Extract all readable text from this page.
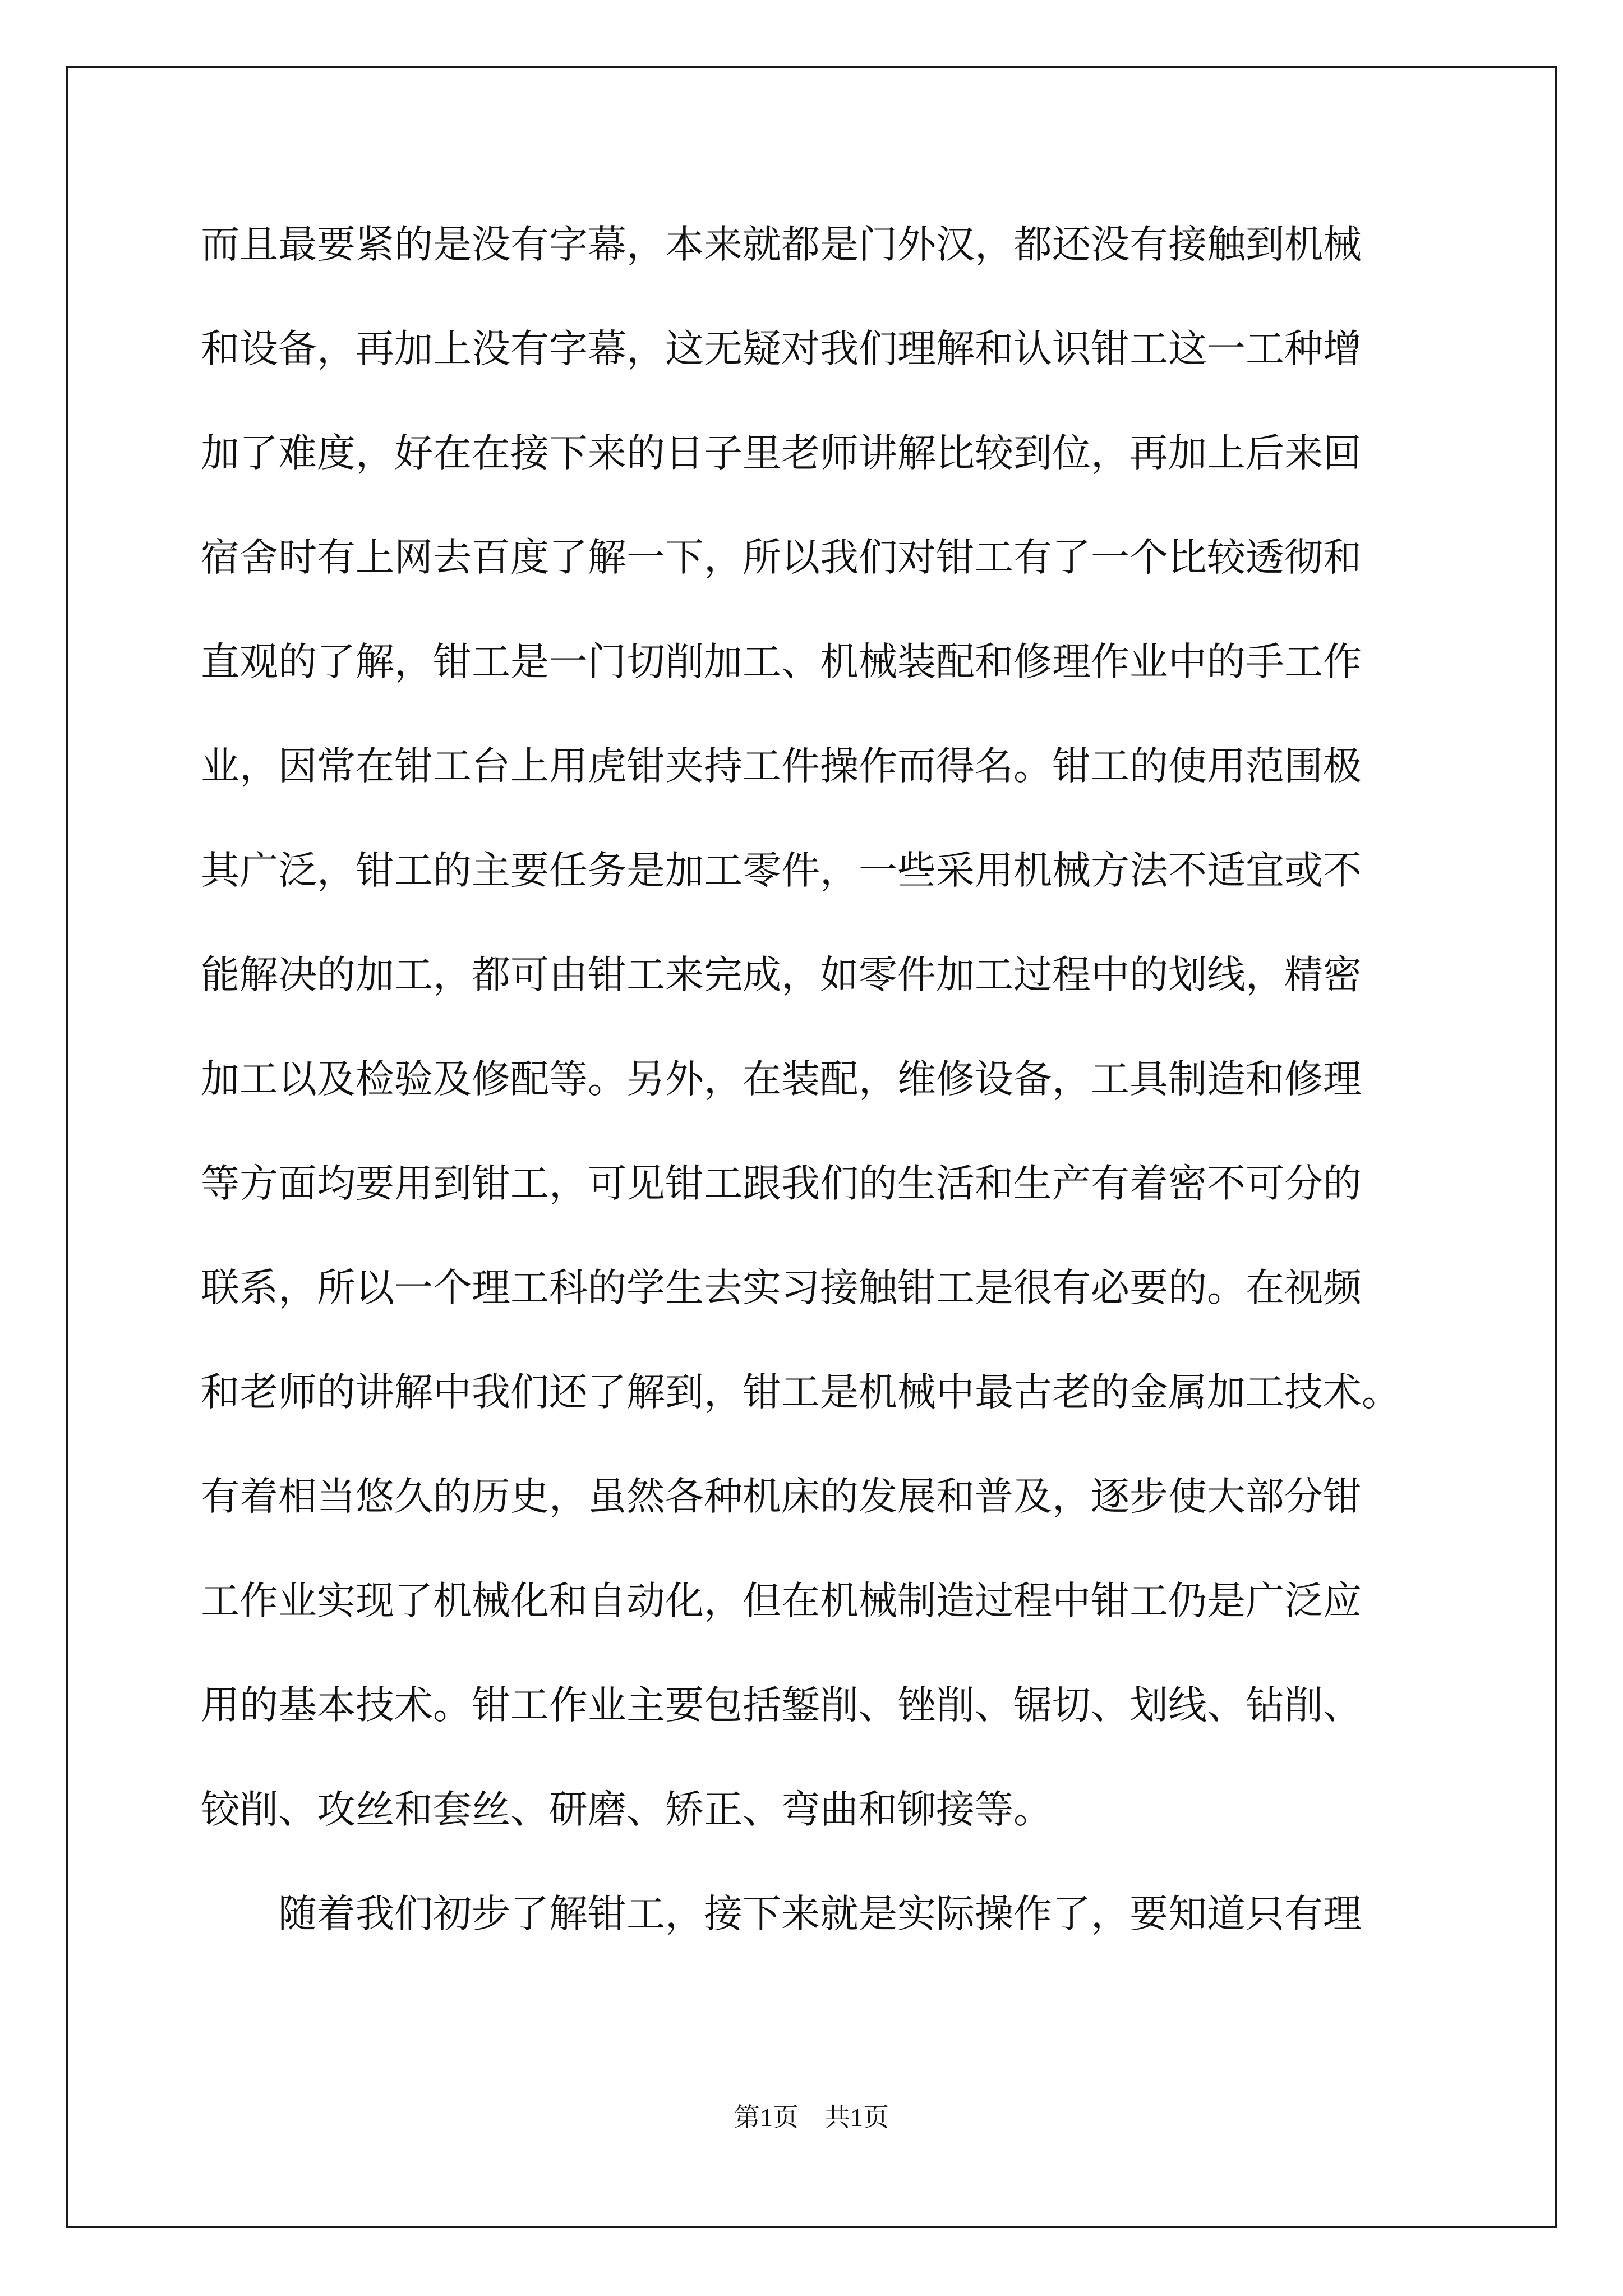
而且最要紧的是没有字幕，本来就都是门外汉，都还没有接触到机械
和设备，再加上没有字幕，这无疑对我们理解和认识钳工这一工种增
加了难度，好在在接下来的日子里老师讲解比较到位，再加上后来回
宿舍时有上网去百度了解一下，所以我们对钳工有了一个比较透彻和
直观的了解，钳工是一门切削加工、机械装配和修理作业中的手工作
业，因常在钳工台上用虎钳夹持工件操作而得名。钳工的使用范围极
其广泛，钳工的主要任务是加工零件，一些采用机械方法不适宜或不
能解决的加工，都可由钳工来完成，如零件加工过程中的划线，精密
加工以及检验及修配等。另外，在装配，维修设备，工具制造和修理
等方面均要用到钳工，可见钳工跟我们的生活和生产有着密不可分的
联系，所以一个理工科的学生去实习接触钳工是很有必要的。在视频
和老师的讲解中我们还了解到，钳工是机械中最古老的金属加工技术。
有着相当悠久的历史，虽然各种机床的发展和普及，逐步使大部分钳
工作业实现了机械化和自动化，但在机械制造过程中钳工仍是广泛应
用的基本技术。钳工作业主要包括錾削、锉削、锯切、划线、钻削、
铰削、攻丝和套丝、研磨、矫正、弯曲和铆接等。
随着我们初步了解钳工，接下来就是实际操作了，要知道只有理
第1页　共1页
